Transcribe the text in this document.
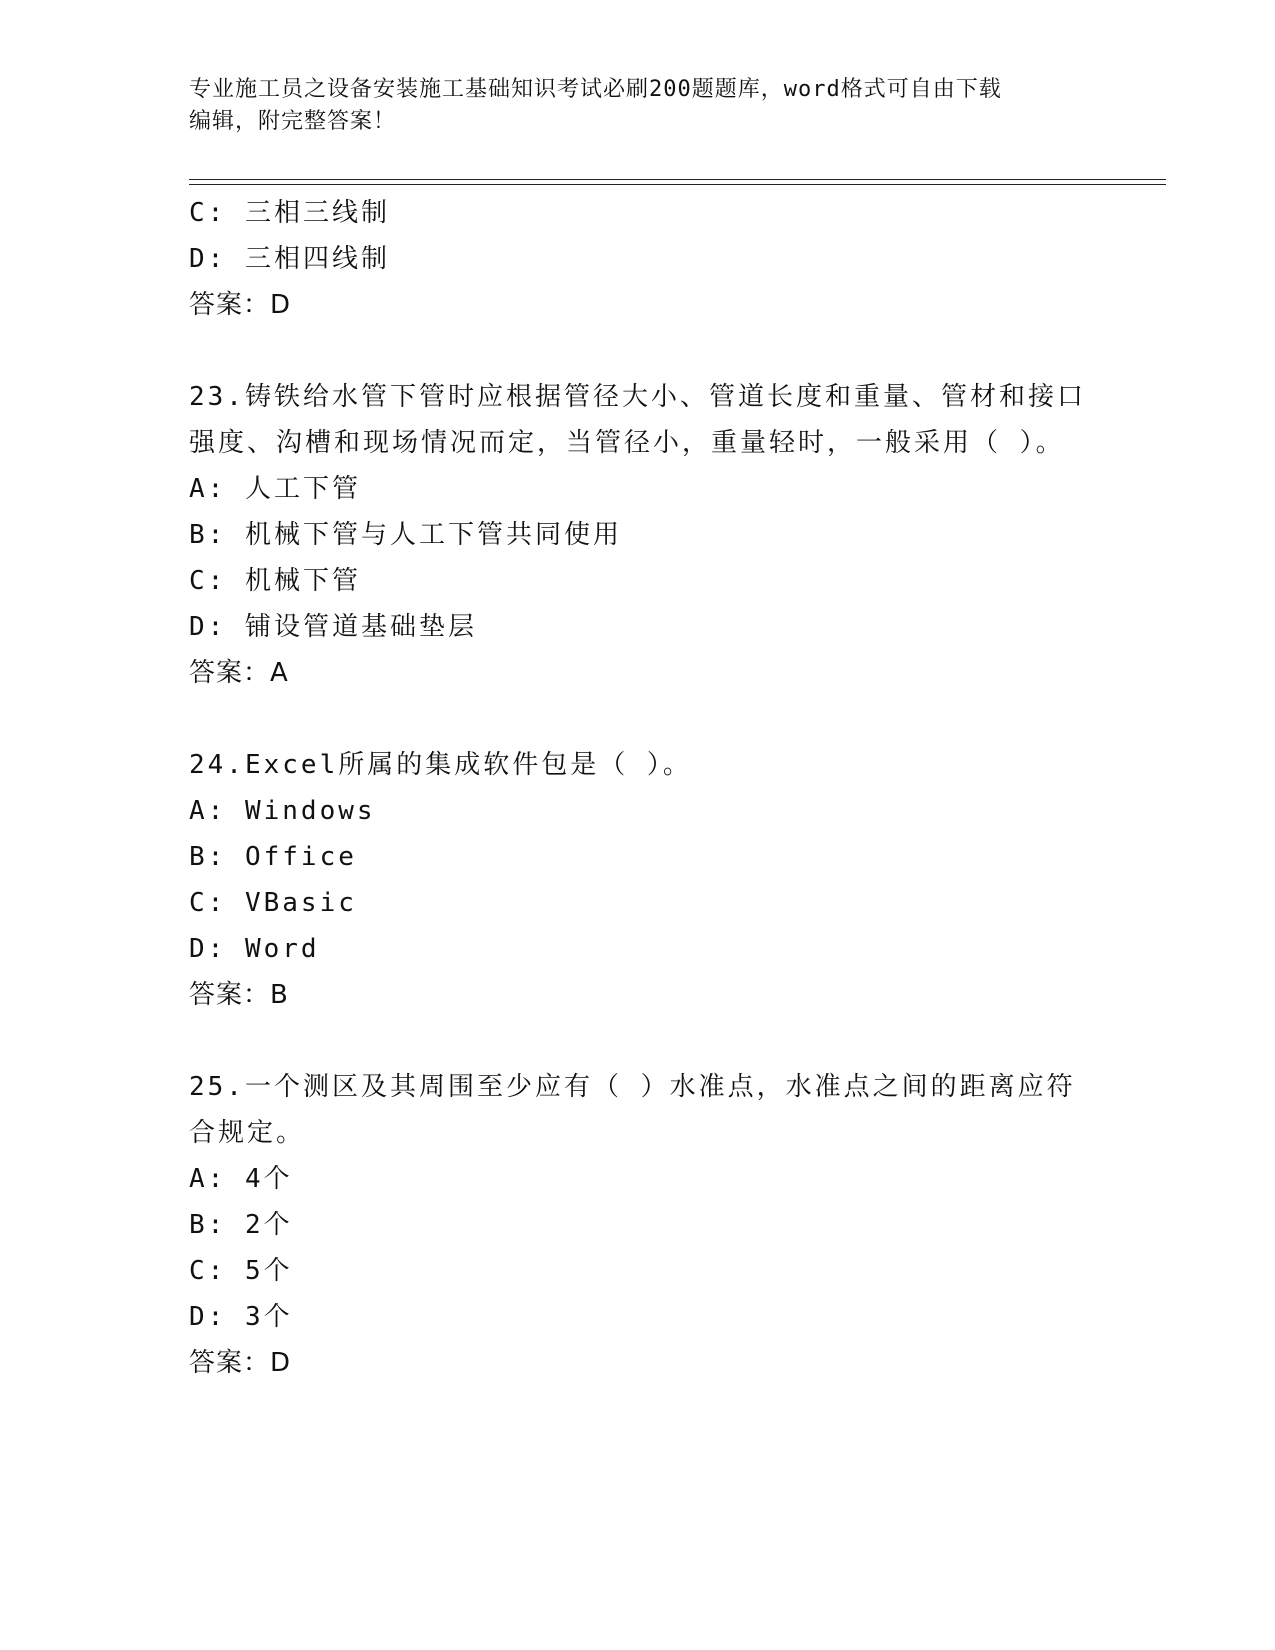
专业施工员之设备安装施工基础知识考试必刷200题题库，word格式可自由下载
编辑，附完整答案！
C: 三相三线制
D: 三相四线制
答案：D
23.铸铁给水管下管时应根据管径大小、管道长度和重量、管材和接口
强度、沟槽和现场情况而定，当管径小，重量轻时，一般采用（ ）。
A: 人工下管
B: 机械下管与人工下管共同使用
C: 机械下管
D: 铺设管道基础垫层
答案：A
24.Excel所属的集成软件包是（ ）。
A: Windows
B: Office
C: VBasic
D: Word
答案：B
25.一个测区及其周围至少应有（ ）水准点，水准点之间的距离应符
合规定。
A: 4个
B: 2个
C: 5个
D: 3个
答案：D
